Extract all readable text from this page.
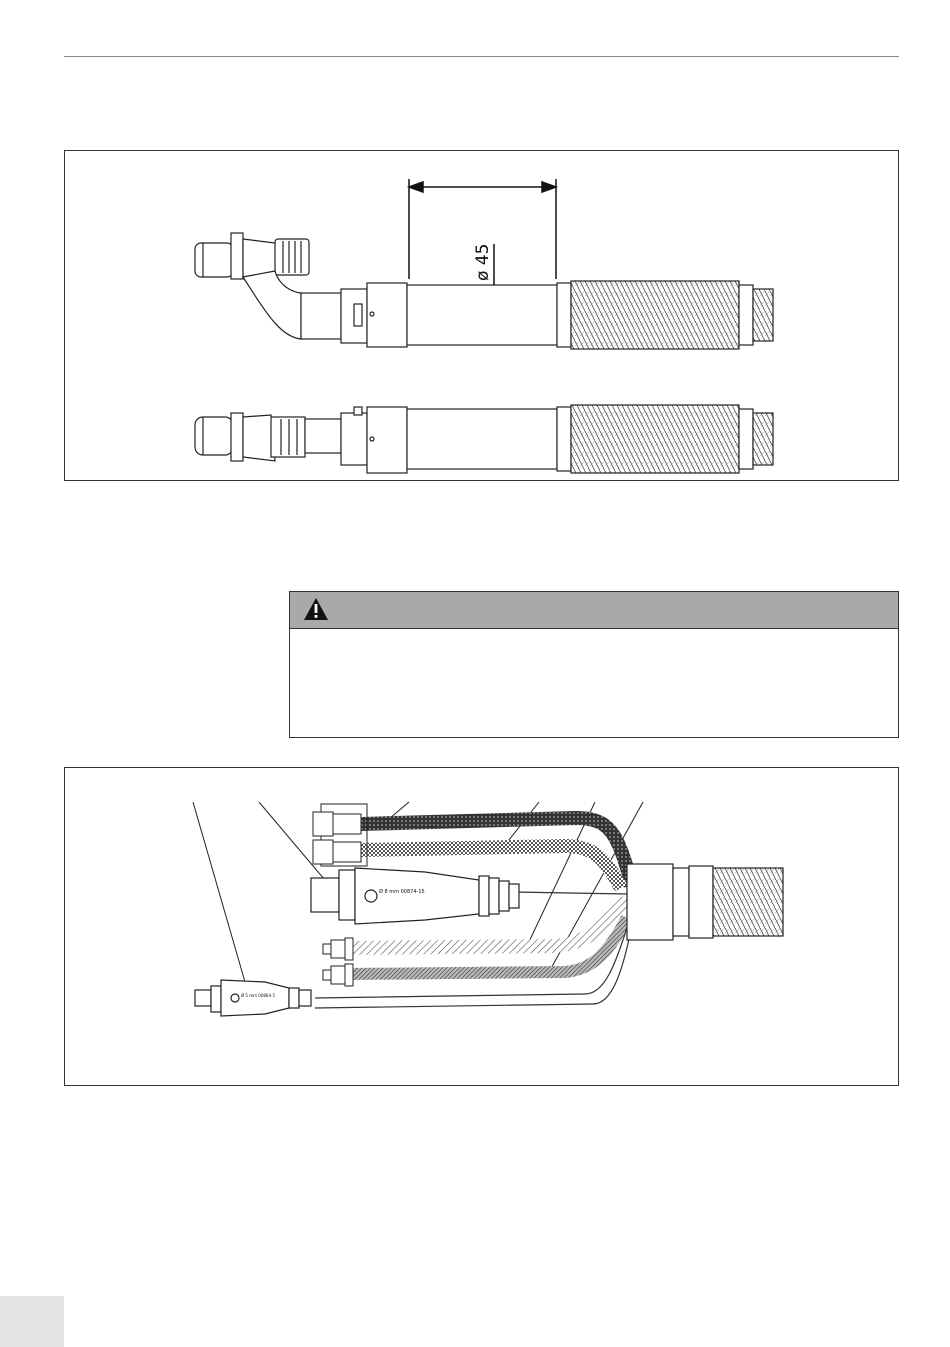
ø 45
Ø 8 mm 00874-15
Ø 5 mm 00864-5
